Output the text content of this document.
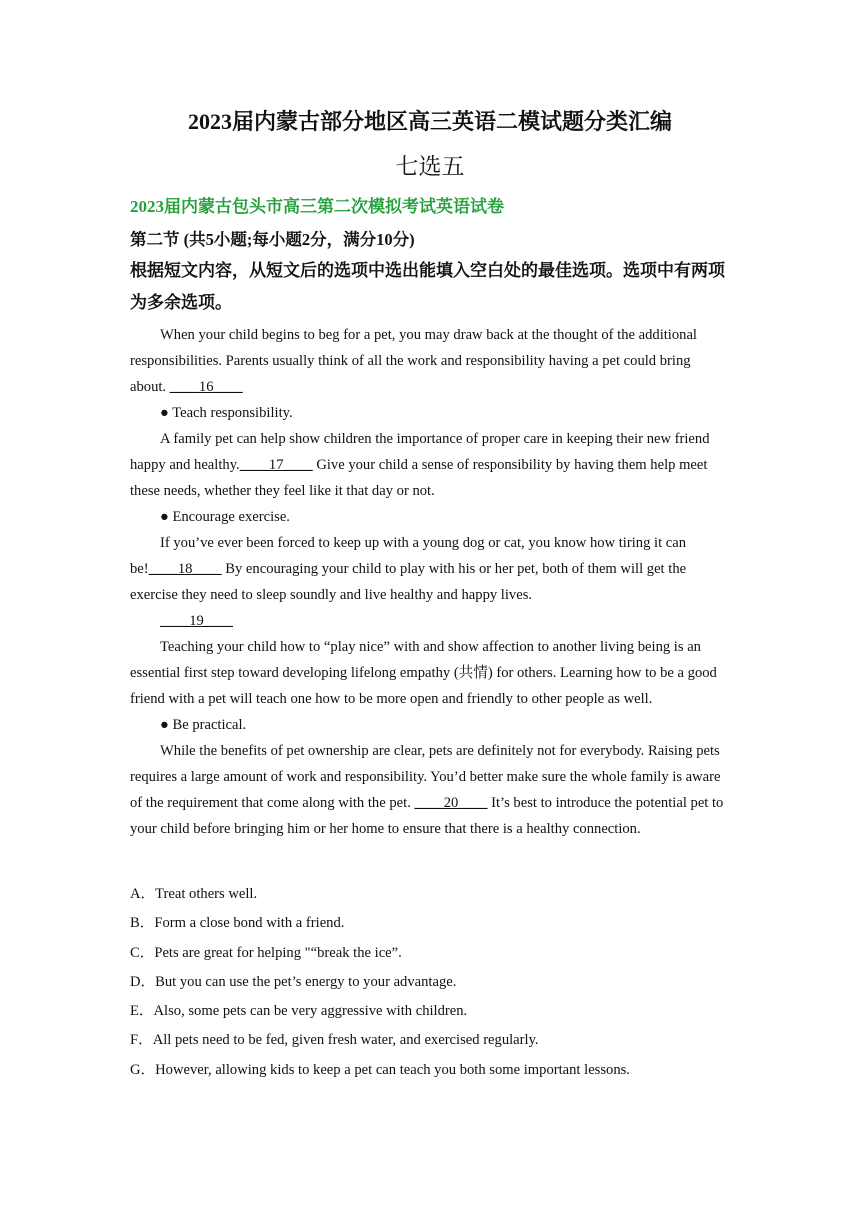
2023届内蒙古部分地区高三英语二模试题分类汇编
七选五
2023届内蒙古包头市高三第二次模拟考试英语试卷
第二节 (共5小题;每小题2分，满分10分)
根据短文内容，从短文后的选项中选出能填入空白处的最佳选项。选项中有两项为多余选项。

When your child begins to beg for a pet, you may draw back at the thought of the additional responsibilities. Parents usually think of all the work and responsibility having a pet could bring about. ____16____

● Teach responsibility.

A family pet can help show children the importance of proper care in keeping their new friend happy and healthy.____17____ Give your child a sense of responsibility by having them help meet these needs, whether they feel like it that day or not.

● Encourage exercise.

If you’ve ever been forced to keep up with a young dog or cat, you know how tiring it can be!____18____ By encouraging your child to play with his or her pet, both of them will get the exercise they need to sleep soundly and live healthy and happy lives.

____19____

Teaching your child how to “play nice” with and show affection to another living being is an essential first step toward developing lifelong empathy (共情) for others. Learning how to be a good friend with a pet will teach one how to be more open and friendly to other people as well.

● Be practical.

While the benefits of pet ownership are clear, pets are definitely not for everybody. Raising pets requires a large amount of work and responsibility. You’d better make sure the whole family is aware of the requirement that come along with the pet. ____20____ It’s best to introduce the potential pet to your child before bringing him or her home to ensure that there is a healthy connection.

A．Treat others well.

B．Form a close bond with a friend.

C．Pets are great for helping "“break the ice”.

D．But you can use the pet’s energy to your advantage.

E．Also, some pets can be very aggressive with children.

F．All pets need to be fed, given fresh water, and exercised regularly.

G．However, allowing kids to keep a pet can teach you both some important lessons.
